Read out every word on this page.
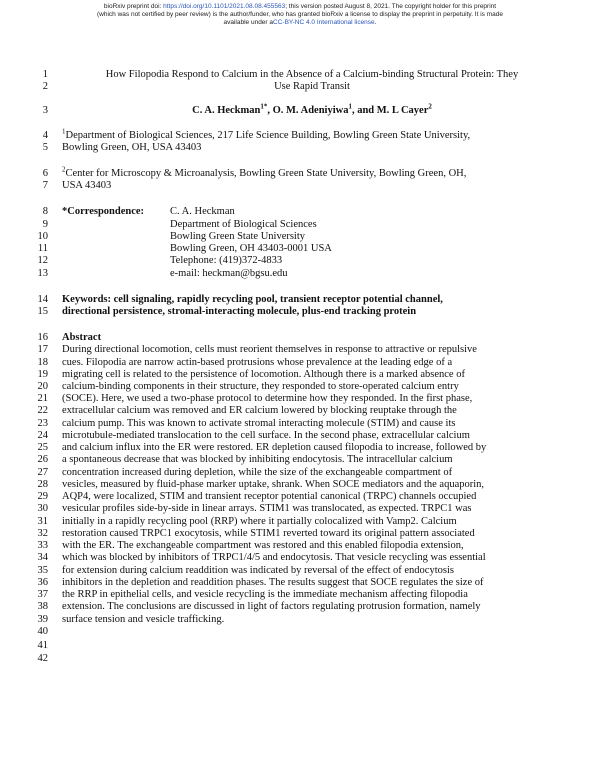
bioRxiv preprint doi: https://doi.org/10.1101/2021.08.08.455563; this version posted August 8, 2021. The copyright holder for this preprint
(which was not certified by peer review) is the author/funder, who has granted bioRxiv a license to display the preprint in perpetuity. It is made
available under aCC-BY-NC 4.0 International license.
1
2
3
4
5
6
7
8
9
10
11
12
13
14
15
16
17
18
19
20
21
22
23
24
25
26
27
28
29
30
31
32
33
34
35
36
37
38
39
40
41
42
How Filopodia Respond to Calcium in the Absence of a Calcium-binding Structural Protein: They
Use Rapid Transit
C. A. Heckman$^{1*}$, O. M. Adeniyiwa$^1$, and M. L Cayer$^2$
$^1$Department of Biological Sciences, 217 Life Science Building, Bowling Green State University,
Bowling Green, OH, USA 43403
$^2$Center for Microscopy & Microanalysis, Bowling Green State University, Bowling Green, OH,
USA 43403
*Correspondence: C. A. Heckman
Department of Biological Sciences
Bowling Green State University
Bowling Green, OH 43403-0001 USA
Telephone: (419)372-4833
e-mail: heckman@bgsu.edu
Keywords: cell signaling, rapidly recycling pool, transient receptor potential channel,
directional persistence, stromal-interacting molecule, plus-end tracking protein
Abstract
During directional locomotion, cells must reorient themselves in response to attractive or repulsive
cues. Filopodia are narrow actin-based protrusions whose prevalence at the leading edge of a
migrating cell is related to the persistence of locomotion. Although there is a marked absence of
calcium-binding components in their structure, they responded to store-operated calcium entry
(SOCE). Here, we used a two-phase protocol to determine how they responded. In the first phase,
extracellular calcium was removed and ER calcium lowered by blocking reuptake through the
calcium pump. This was known to activate stromal interacting molecule (STIM) and cause its
microtubule-mediated translocation to the cell surface. In the second phase, extracellular calcium
and calcium influx into the ER were restored. ER depletion caused filopodia to increase, followed by
a spontaneous decrease that was blocked by inhibiting endocytosis. The intracellular calcium
concentration increased during depletion, while the size of the exchangeable compartment of
vesicles, measured by fluid-phase marker uptake, shrank. When SOCE mediators and the aquaporin,
AQP4, were localized, STIM and transient receptor potential canonical (TRPC) channels occupied
vesicular profiles side-by-side in linear arrays. STIM1 was translocated, as expected. TRPC1 was
initially in a rapidly recycling pool (RRP) where it partially colocalized with Vamp2. Calcium
restoration caused TRPC1 exocytosis, while STIM1 reverted toward its original pattern associated
with the ER. The exchangeable compartment was restored and this enabled filopodia extension,
which was blocked by inhibitors of TRPC1/4/5 and endocytosis. That vesicle recycling was essential
for extension during calcium readdition was indicated by reversal of the effect of endocytosis
inhibitors in the depletion and readdition phases. The results suggest that SOCE regulates the size of
the RRP in epithelial cells, and vesicle recycling is the immediate mechanism affecting filopodia
extension. The conclusions are discussed in light of factors regulating protrusion formation, namely
surface tension and vesicle trafficking.
